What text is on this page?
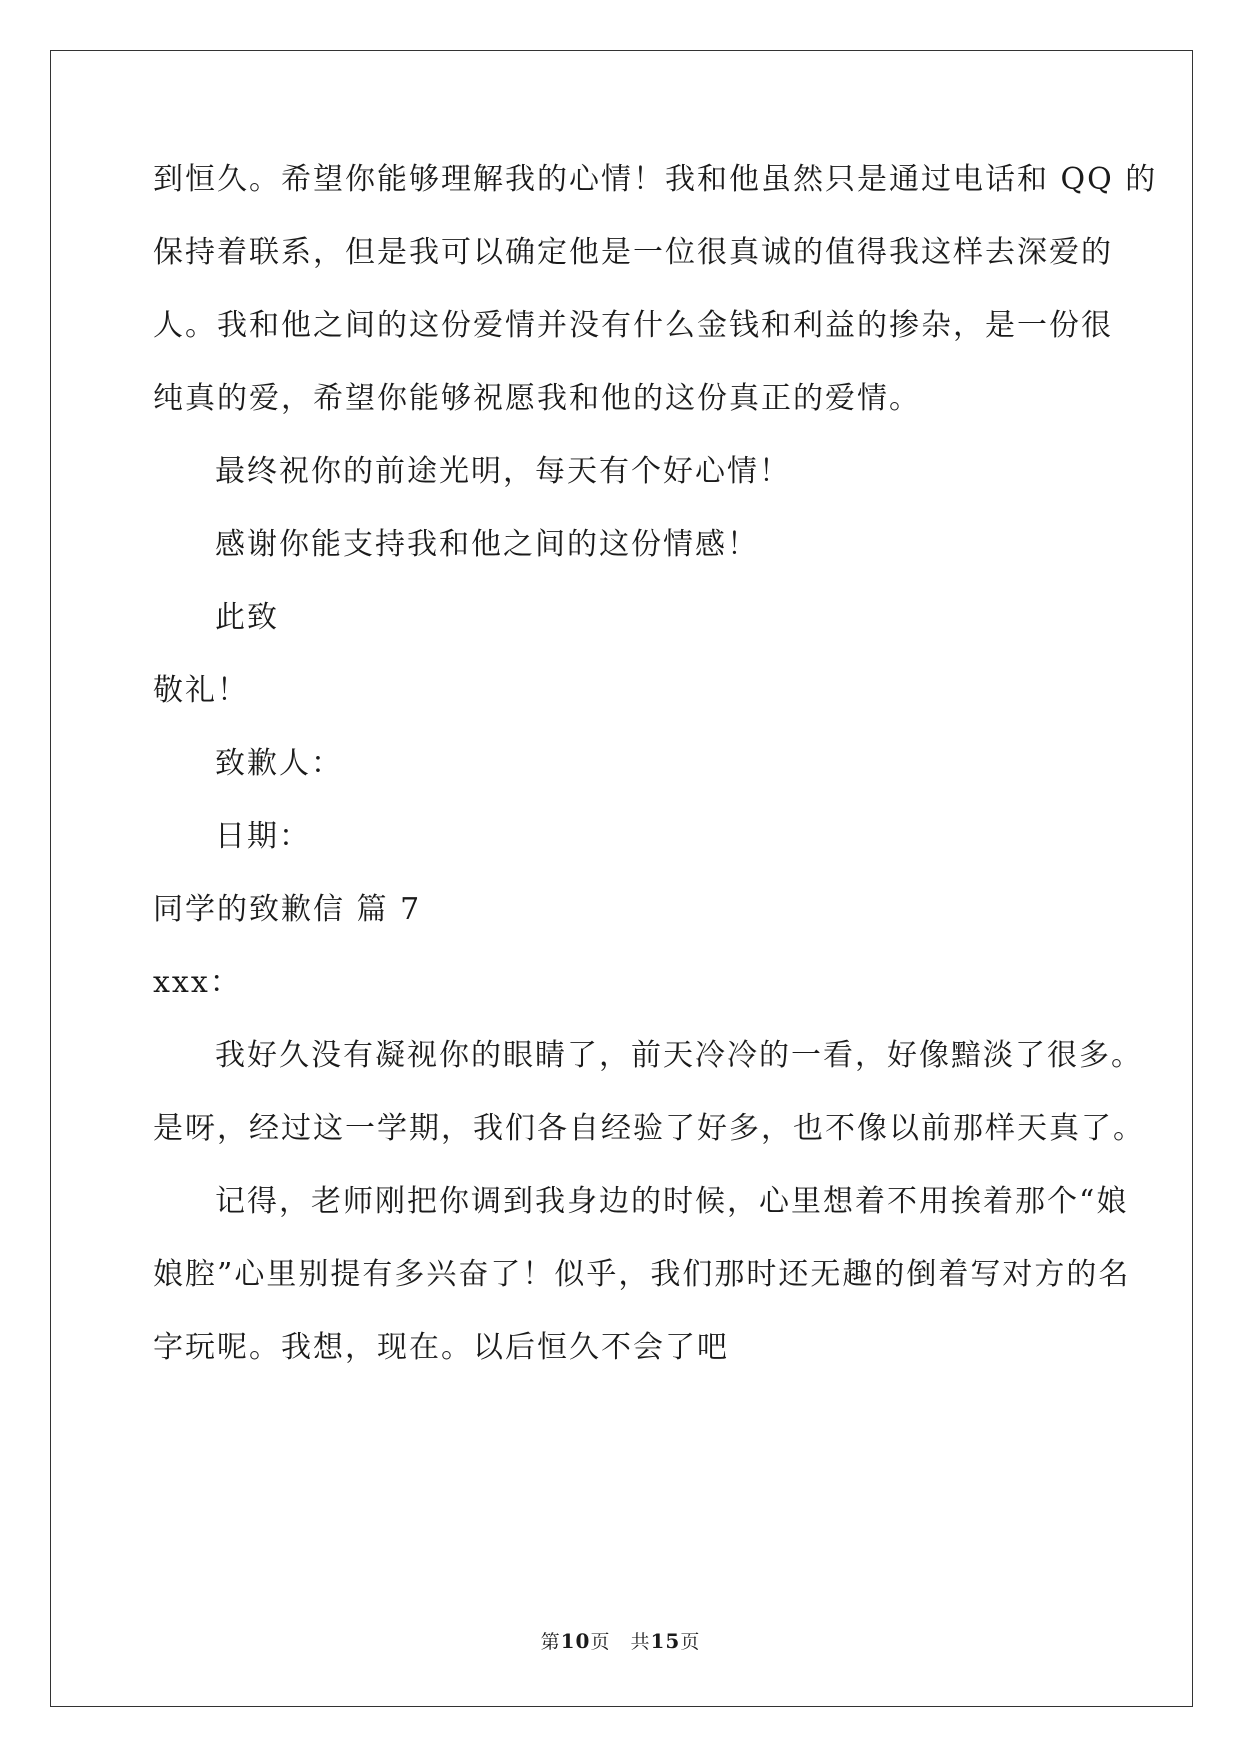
到恒久。希望你能够理解我的心情！我和他虽然只是通过电话和 QQ 的
保持着联系，但是我可以确定他是一位很真诚的值得我这样去深爱的
人。我和他之间的这份爱情并没有什么金钱和利益的掺杂，是一份很
纯真的爱，希望你能够祝愿我和他的这份真正的爱情。
最终祝你的前途光明，每天有个好心情！
感谢你能支持我和他之间的这份情感！
此致
敬礼！
致歉人：
日期：
同学的致歉信 篇 7
xxx：
我好久没有凝视你的眼睛了，前天冷冷的一看，好像黯淡了很多。
是呀，经过这一学期，我们各自经验了好多，也不像以前那样天真了。
记得，老师刚把你调到我身边的时候，心里想着不用挨着那个“娘
娘腔”心里别提有多兴奋了！似乎，我们那时还无趣的倒着写对方的名
字玩呢。我想，现在。以后恒久不会了吧
第10页　共15页
